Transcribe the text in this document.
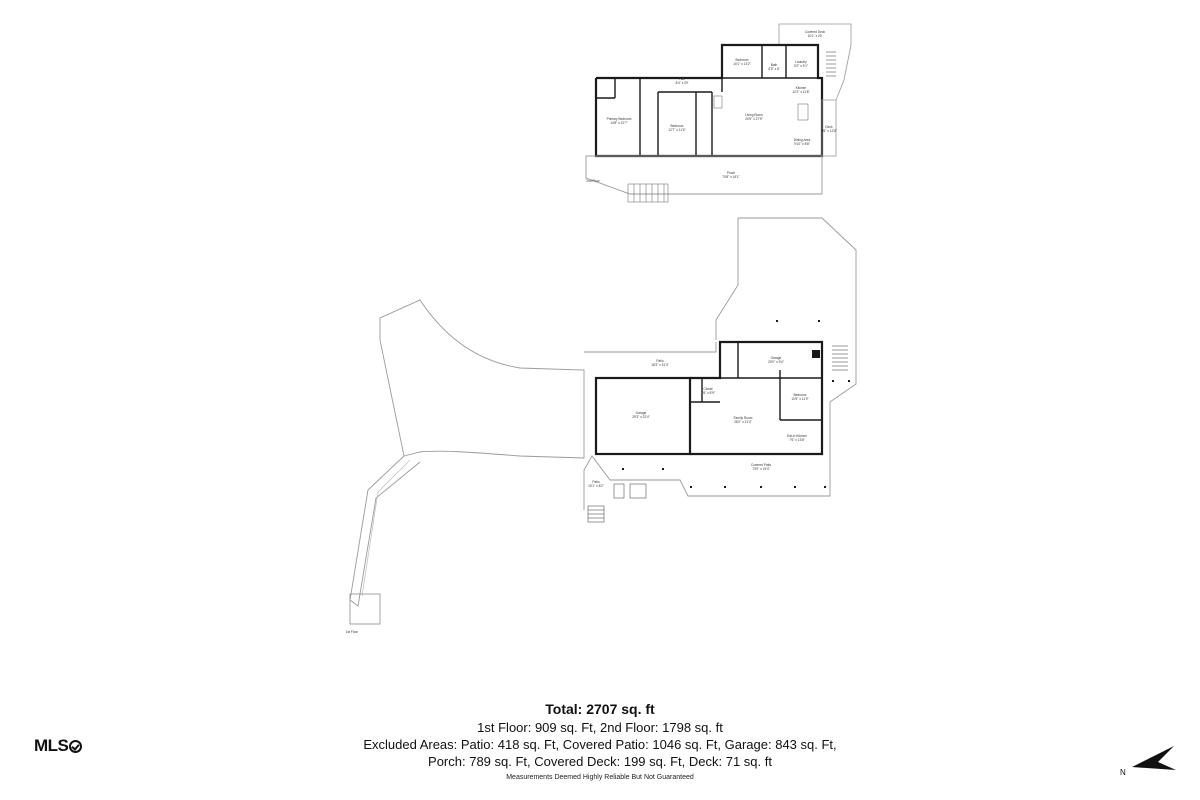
Covered Deck
10'1" x 20'
Bedroom
10'1" x 13'2"	Bath
6'5" x 8'
Laundry
9'2" x 9'1"
Kitchen
12'2" x 11'8"
Hall
8'4" x 29'
Primary Bedroom
14'8" x 22'7"
Bedroom
12'7" x 11'6"
Living Room
20'5" x 27'9"
Dining Area
9'10" x 8'8"
Deck
4'6" x 12'6"
Porch
70'8" x 16'1"
2nd Floor
Patio
18'3" x 31'4"
Garage
20'0" x 9'4"
Closet
7'6" x 6'9"
Garage
29'3" x 22'4"	Family Room
28'2" x 21'4"
Bedroom
10'5" x 11'9"
Eat-in Kitchen
7'6" x 13'8"
Covered Patio
73'0" x 15'4"
Patio
10'1" x 8'2"
1st Floor
Total: 2707 sq. ft
1st Floor: 909 sq. Ft, 2nd Floor: 1798 sq. ft
Excluded Areas: Patio: 418 sq. Ft, Covered Patio: 1046 sq. Ft, Garage: 843 sq. Ft,
Porch: 789 sq. Ft, Covered Deck: 199 sq. Ft, Deck: 71 sq. ft
Measurements Deemed Highly Reliable But Not Guaranteed
MLS
N
